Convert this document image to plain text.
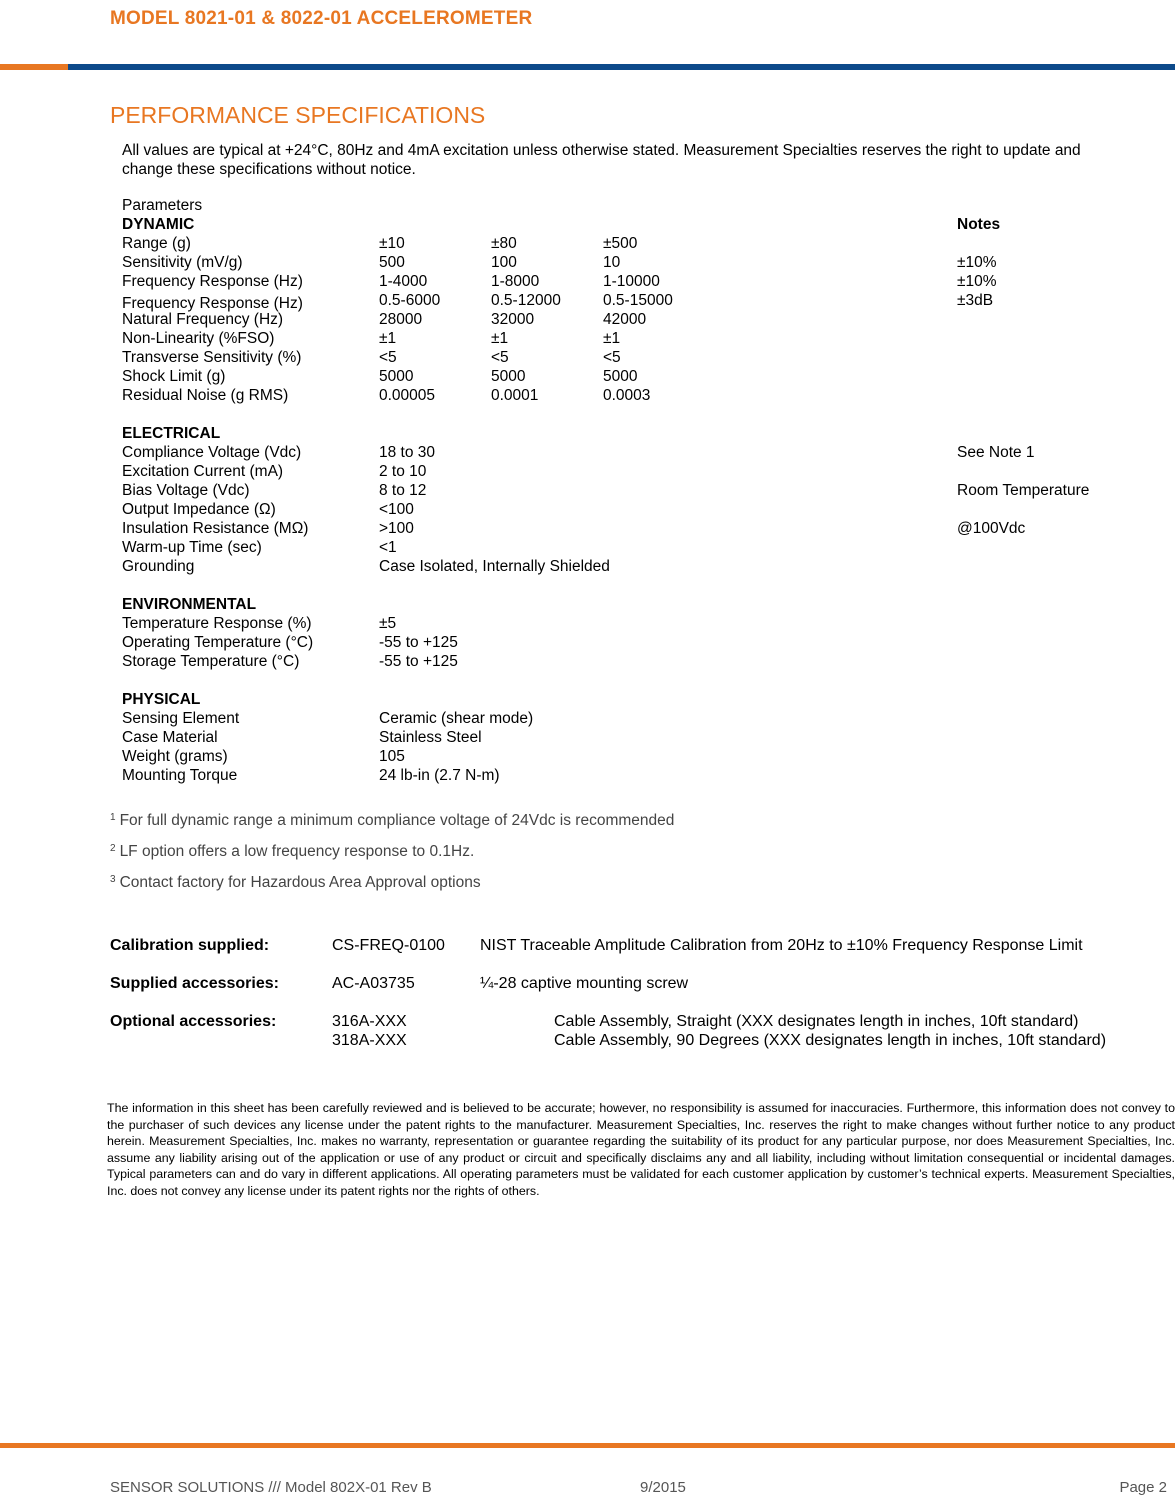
MODEL 8021-01 & 8022-01 ACCELEROMETER
PERFORMANCE SPECIFICATIONS
All values are typical at +24°C, 80Hz and 4mA excitation unless otherwise stated. Measurement Specialties reserves the right to update and change these specifications without notice.
Parameters
DYNAMIC	Notes
Range (g)	±10	±80	±500
Sensitivity (mV/g)	500	100	10	±10%
Frequency Response (Hz)	1-4000	1-8000	1-10000	±10%
Frequency Response (Hz)	0.5-6000	0.5-12000	0.5-15000	±3dB
Natural Frequency (Hz)	28000	32000	42000
Non-Linearity (%FSO)	±1	±1	±1
Transverse Sensitivity (%)	<5	<5	<5
Shock Limit (g)	5000	5000	5000
Residual Noise (g RMS)	0.00005	0.0001	0.0003
ELECTRICAL
Compliance Voltage (Vdc)	18 to 30	See Note 1
Excitation Current (mA)	2 to 10
Bias Voltage (Vdc)	8 to 12	Room Temperature
Output Impedance (Ω)	<100
Insulation Resistance (MΩ)	>100	@100Vdc
Warm-up Time (sec)	<1
Grounding	Case Isolated, Internally Shielded
ENVIRONMENTAL
Temperature Response (%)	±5
Operating Temperature (°C)	-55 to +125
Storage Temperature (°C)	-55 to +125
PHYSICAL
Sensing Element	Ceramic (shear mode)
Case Material	Stainless Steel
Weight (grams)	105
Mounting Torque	24 lb-in (2.7 N-m)
$^1$ For full dynamic range a minimum compliance voltage of 24Vdc is recommended
$^2$ LF option offers a low frequency response to 0.1Hz.
$^3$ Contact factory for Hazardous Area Approval options
Calibration supplied:	CS-FREQ-0100 NIST Traceable Amplitude Calibration from 20Hz to ±10% Frequency Response Limit
Supplied accessories:	AC-A03735	¼-28 captive mounting screw
Optional accessories:	316A-XXX	Cable Assembly, Straight (XXX designates length in inches, 10ft standard)
318A-XXX	Cable Assembly, 90 Degrees (XXX designates length in inches, 10ft standard)
The information in this sheet has been carefully reviewed and is believed to be accurate; however, no responsibility is assumed for inaccuracies. Furthermore, this information does not convey to the purchaser of such devices any license under the patent rights to the manufacturer. Measurement Specialties, Inc. reserves the right to make changes without further notice to any product herein. Measurement Specialties, Inc. makes no warranty, representation or guarantee regarding the suitability of its product for any particular purpose, nor does Measurement Specialties, Inc. assume any liability arising out of the application or use of any product or circuit and specifically disclaims any and all liability, including without limitation consequential or incidental damages. Typical parameters can and do vary in different applications. All operating parameters must be validated for each customer application by customer’s technical experts. Measurement Specialties, Inc. does not convey any license under its patent rights nor the rights of others.
SENSOR SOLUTIONS /// Model 802X-01 Rev B	9/2015	Page 2
